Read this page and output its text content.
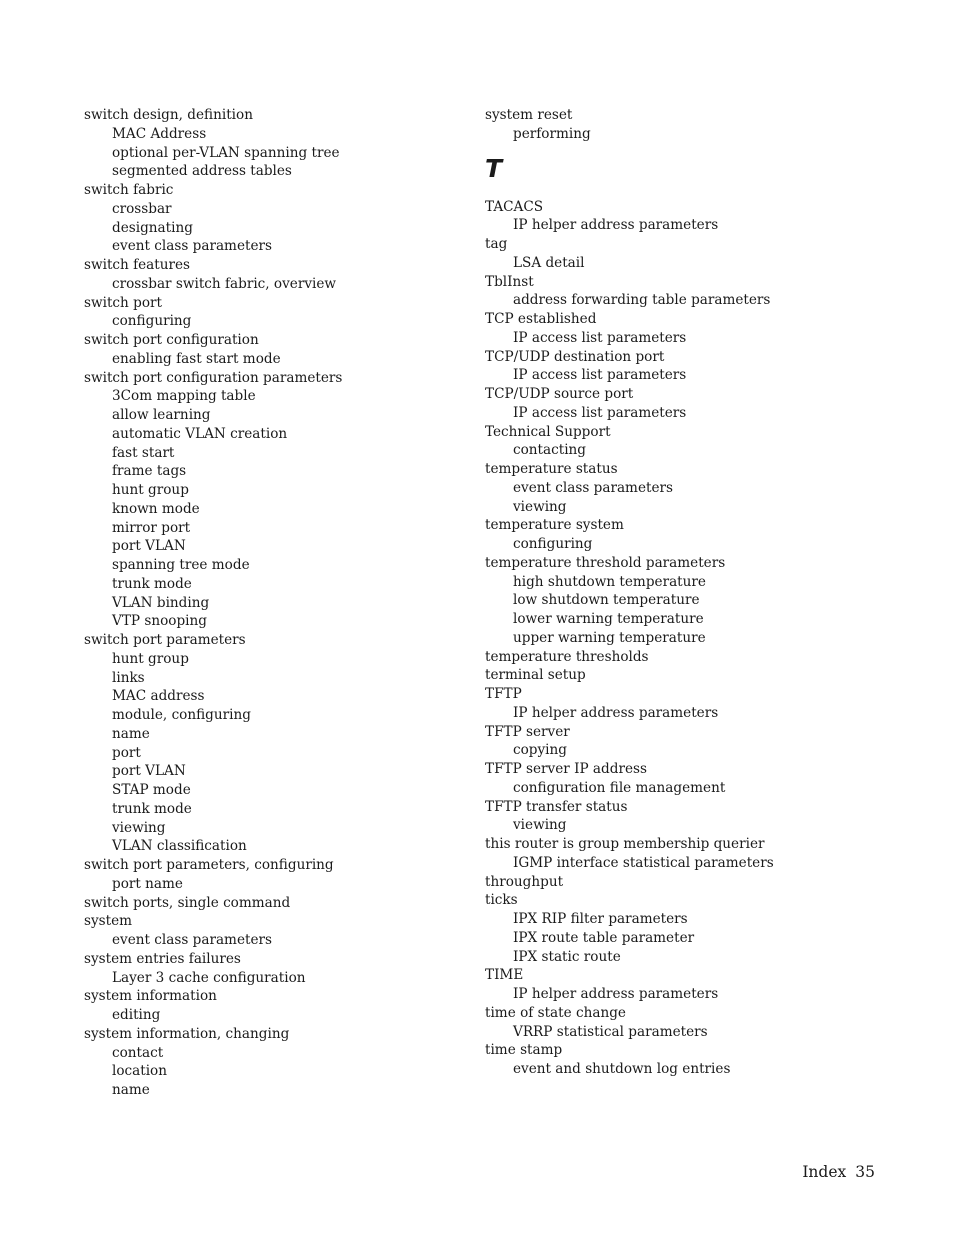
switch design, definition
MAC Address
optional per-VLAN spanning tree
segmented address tables
switch fabric
crossbar
designating
event class parameters
switch features
crossbar switch fabric, overview
switch port
configuring
switch port configuration
enabling fast start mode
switch port configuration parameters
3Com mapping table
allow learning
automatic VLAN creation
fast start
frame tags
hunt group
known mode
mirror port
port VLAN
spanning tree mode
trunk mode
VLAN binding
VTP snooping
switch port parameters
hunt group
links
MAC address
module, configuring
name
port
port VLAN
STAP mode
trunk mode
viewing
VLAN classification
switch port parameters, configuring
port name
switch ports, single command
system
event class parameters
system entries failures
Layer 3 cache configuration
system information
editing
system information, changing
contact
location
name
system reset
performing
T
TACACS
IP helper address parameters
tag
LSA detail
TblInst
address forwarding table parameters
TCP established
IP access list parameters
TCP/UDP destination port
IP access list parameters
TCP/UDP source port
IP access list parameters
Technical Support
contacting
temperature status
event class parameters
viewing
temperature system
configuring
temperature threshold parameters
high shutdown temperature
low shutdown temperature
lower warning temperature
upper warning temperature
temperature thresholds
terminal setup
TFTP
IP helper address parameters
TFTP server
copying
TFTP server IP address
configuration file management
TFTP transfer status
viewing
this router is group membership querier
IGMP interface statistical parameters
throughput
ticks
IPX RIP filter parameters
IPX route table parameter
IPX static route
TIME
IP helper address parameters
time of state change
VRRP statistical parameters
time stamp
event and shutdown log entries
Index 35
